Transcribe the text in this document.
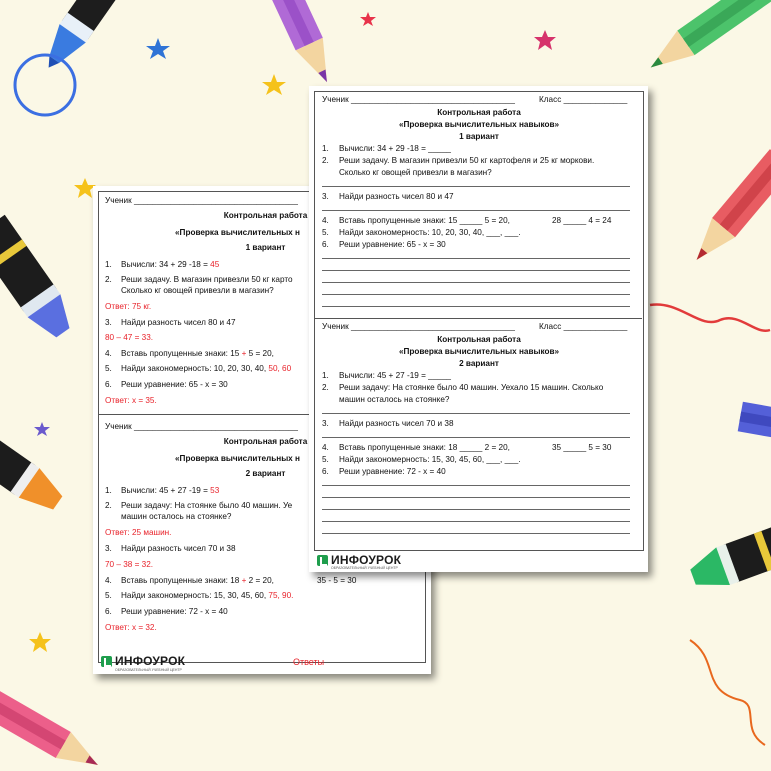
Ученик ____________________________________
Контрольная работа
«Проверка вычислительных н
1 вариант
1. Вычисли: 34 + 29 -18 = 45
2. Реши задачу. В магазин привезли 50 кг карто
Сколько кг овощей привезли в магазин?
Ответ: 75 кг.
3. Найди разность чисел 80 и 47
80 – 47 = 33.
4. Вставь пропущенные знаки: 15 + 5 = 20,
5. Найди закономерность: 10, 20, 30, 40, 50, 60
6. Реши уравнение: 65 - х = 30
Ответ: х = 35.
Ученик ____________________________________
Контрольная работа
«Проверка вычислительных н
2 вариант
1. Вычисли: 45 + 27 -19 = 53
2. Реши задачу: На стоянке было 40 машин. Уе
машин осталось на стоянке?
Ответ: 25 машин.
3. Найди разность чисел 70 и 38
70 – 38 = 32.
4. Вставь пропущенные знаки: 18 + 2 = 20,	35 - 5 = 30
5. Найди закономерность: 15, 30, 45, 60, 75, 90.
6. Реши уравнение: 72 - х = 40
Ответ: х = 32.
ИНФОУРОК
ОБРАЗОВАТЕЛЬНЫЙ УЧЕБНЫЙ ЦЕНТР
Ответы
Ученик ____________________________________	Класс ______________
Контрольная работа
«Проверка вычислительных навыков»
1 вариант
1. Вычисли: 34 + 29 -18 = _____
2. Реши задачу. В магазин привезли 50 кг картофеля и 25 кг моркови.
Сколько кг овощей привезли в магазин?
3. Найди разность чисел 80 и 47
4. Вставь пропущенные знаки: 15 _____ 5 = 20,	28 _____ 4 = 24
5. Найди закономерность: 10, 20, 30, 40, ___, ___.
6. Реши уравнение: 65 - х = 30
Ученик ____________________________________	Класс ______________
Контрольная работа
«Проверка вычислительных навыков»
2 вариант
1. Вычисли: 45 + 27 -19 = _____
2. Реши задачу: На стоянке было 40 машин. Уехало 15 машин. Сколько
машин осталось на стоянке?
3. Найди разность чисел 70 и 38
4. Вставь пропущенные знаки: 18 _____ 2 = 20,	35 _____ 5 = 30
5. Найди закономерность: 15, 30, 45, 60, ___, ___.
6. Реши уравнение: 72 - х = 40
ИНФОУРОК
ОБРАЗОВАТЕЛЬНЫЙ УЧЕБНЫЙ ЦЕНТР
